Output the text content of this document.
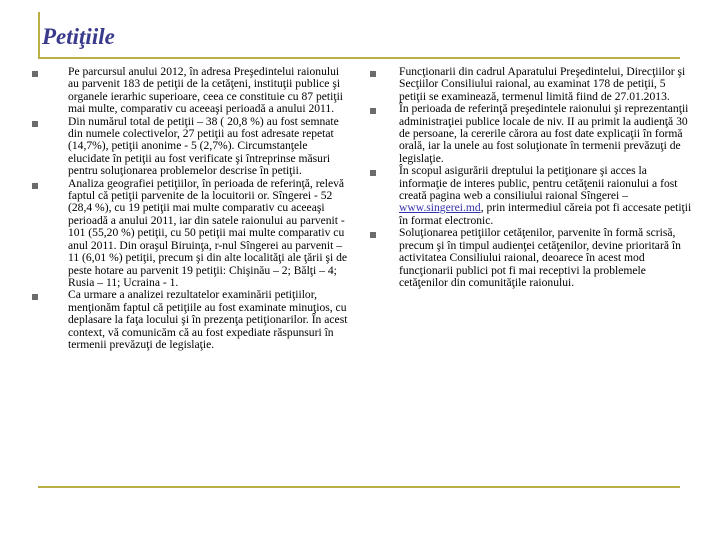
Petiţiile
Pe parcursul anului 2012, în adresa Preşedintelui raionului au parvenit 183 de petiţii de la cetăţeni, instituţii publice şi organele ierarhic superioare, ceea ce constituie cu 87 petiţii mai multe, comparativ cu aceeaşi perioadă a anului 2011.
Din numărul total de petiţii – 38 ( 20,8 %) au fost semnate din numele colectivelor, 27 petiţii au fost adresate repetat (14,7%), petiţii anonime - 5 (2,7%). Circumstanţele elucidate în petiţii au fost verificate şi întreprinse măsuri pentru soluţionarea problemelor descrise în petiţii.
Analiza geografiei petiţiilor, în perioada de referinţă, relevă faptul că petiţii parvenite de la locuitorii or. Sîngerei - 52 (28,4 %), cu 19 petiţii mai multe comparativ cu aceeaşi perioadă a anului 2011, iar din satele raionului au parvenit - 101 (55,20 %) petiţii, cu 50 petiţii mai multe comparativ cu anul 2011. Din oraşul Biruinţa, r-nul Sîngerei au parvenit – 11 (6,01 %) petiţii, precum şi din alte localităţi ale ţării şi de peste hotare au parvenit 19 petiţii: Chişinău – 2; Bălţi – 4; Rusia – 11; Ucraina - 1.
Ca urmare a analizei rezultatelor examinării petiţiilor, menţionăm faptul că petiţiile au fost examinate minuţios, cu deplasare la faţa locului şi în prezenţa petiţionarilor. În acest context, vă comunicăm că au fost expediate răspunsuri în termenii prevăzuţi de legislaţie.
Funcţionarii din cadrul Aparatului Preşedintelui, Direcţiilor şi Secţiilor Consiliului raional, au examinat 178 de petiţii, 5 petiţii se examinează, termenul limită fiind de 27.01.2013.
În perioada de referinţă preşedintele raionului şi reprezentanţii administraţiei publice locale de niv. II au primit la audienţă 30 de persoane, la cererile cărora au fost date explicaţii în formă orală, iar la unele au fost soluţionate în termenii prevăzuţi de legislaţie.
În scopul asigurării dreptului la petiţionare şi acces la informaţie de interes public, pentru cetăţenii raionului a fost creată pagina web a consiliului raional Sîngerei – www.singerei.md, prin intermediul căreia pot fi accesate petiţii în format electronic.
Soluţionarea petiţiilor cetăţenilor, parvenite în formă scrisă, precum şi în timpul audienţei cetăţenilor, devine prioritară în activitatea Consiliului raional, deoarece în acest mod funcţionarii publici pot fi mai receptivi la problemele cetăţenilor din comunităţile raionului.
